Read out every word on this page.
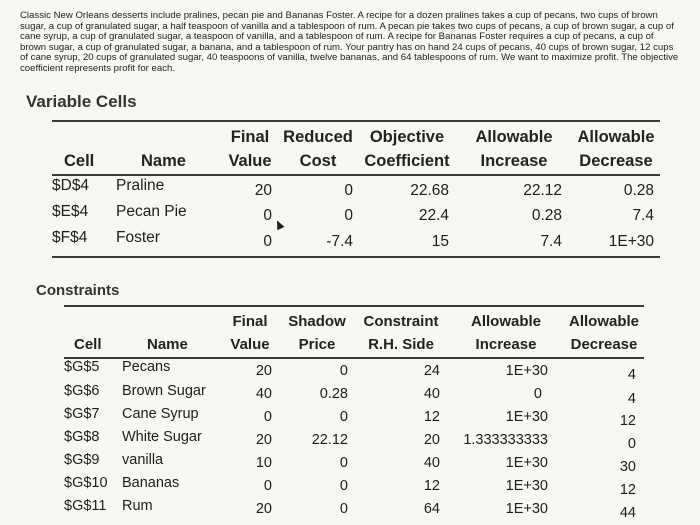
Classic New Orleans desserts include pralines, pecan pie and Bananas Foster. A recipe for a dozen pralines takes a cup of pecans, two cups of brown sugar, a cup of granulated sugar, a half teaspoon of vanilla and a tablespoon of rum. A pecan pie takes two cups of pecans, a cup of brown sugar, a cup of cane syrup, a cup of granulated sugar, a teaspoon of vanilla, and a tablespoon of rum. A recipe for Bananas Foster requires a cup of pecans, a cup of brown sugar, a cup of granulated sugar, a banana, and a tablespoon of rum. Your pantry has on hand 24 cups of pecans, 40 cups of brown sugar, 12 cups of cane syrup, 20 cups of granulated sugar, 40 teaspoons of vanilla, twelve bananas, and 64 tablespoons of rum. We want to maximize profit. The objective coefficient represents profit for each.
Variable Cells
Final Reduced	Objective	Allowable	Allowable
Cell	Name	Value	Cost	Coefficient	Increase	Decrease
$D$4 Praline	20	0	22.68	22.12	0.28
$E$4 Pecan Pie	0	0	22.4	0.28	7.4
$F$4 Foster	0	-7.4	15	7.4	1E+30
Constraints
Final	Shadow	Constraint	Allowable	Allowable
Cell	Name	Value	Price	R.H. Side	Increase	Decrease
$G$5 Pecans	20	0	24	1E+30	4
$G$6 Brown Sugar	40	0.28	40	0	4
$G$7 Cane Syrup	0	0	12	1E+30	12
$G$8 White Sugar	20	22.12	20	1.333333333	0
$G$9 vanilla	10	0	40	1E+30	30
$G$10 Bananas	0	0	12	1E+30	12
$G$11 Rum	20	0	64	1E+30	44
